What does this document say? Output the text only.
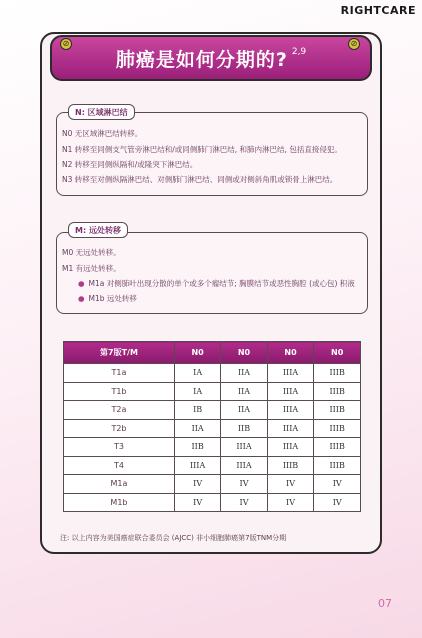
RIGHTCARE
肺癌是如何分期的? 2,9
⊘	⊘
N: 区域淋巴结
N0 无区域淋巴结转移。
N1 转移至同侧支气管旁淋巴结和/或同侧肺门淋巴结, 和肺内淋巴结, 包括直接侵犯。
N2 转移至同侧纵隔和/或隆突下淋巴结。
N3 转移至对侧纵隔淋巴结、对侧肺门淋巴结、同侧或对侧斜角肌或锁骨上淋巴结。
M: 远处转移
M0 无远处转移。
M1 有远处转移。
● M1a 对侧肺叶出现分散的单个或多个瘤结节; 胸膜结节或恶性胸腔 (或心包) 积液
● M1b 远处转移
第7版T/M	N0	N0	N0	N0
T1a	IA	IIA	IIIA	IIIB
T1b	IA	IIA	IIIA	IIIB
T2a	IB	IIA	IIIA	IIIB
T2b	IIA	IIB	IIIA	IIIB
T3	IIB	IIIA	IIIA	IIIB
T4	IIIA	IIIA	IIIB	IIIB
M1a	IV	IV	IV	IV
M1b	IV	IV	IV	IV
注: 以上内容为美国癌症联合委员会 (AJCC) 非小细胞肺癌第7版TNM分期
07
